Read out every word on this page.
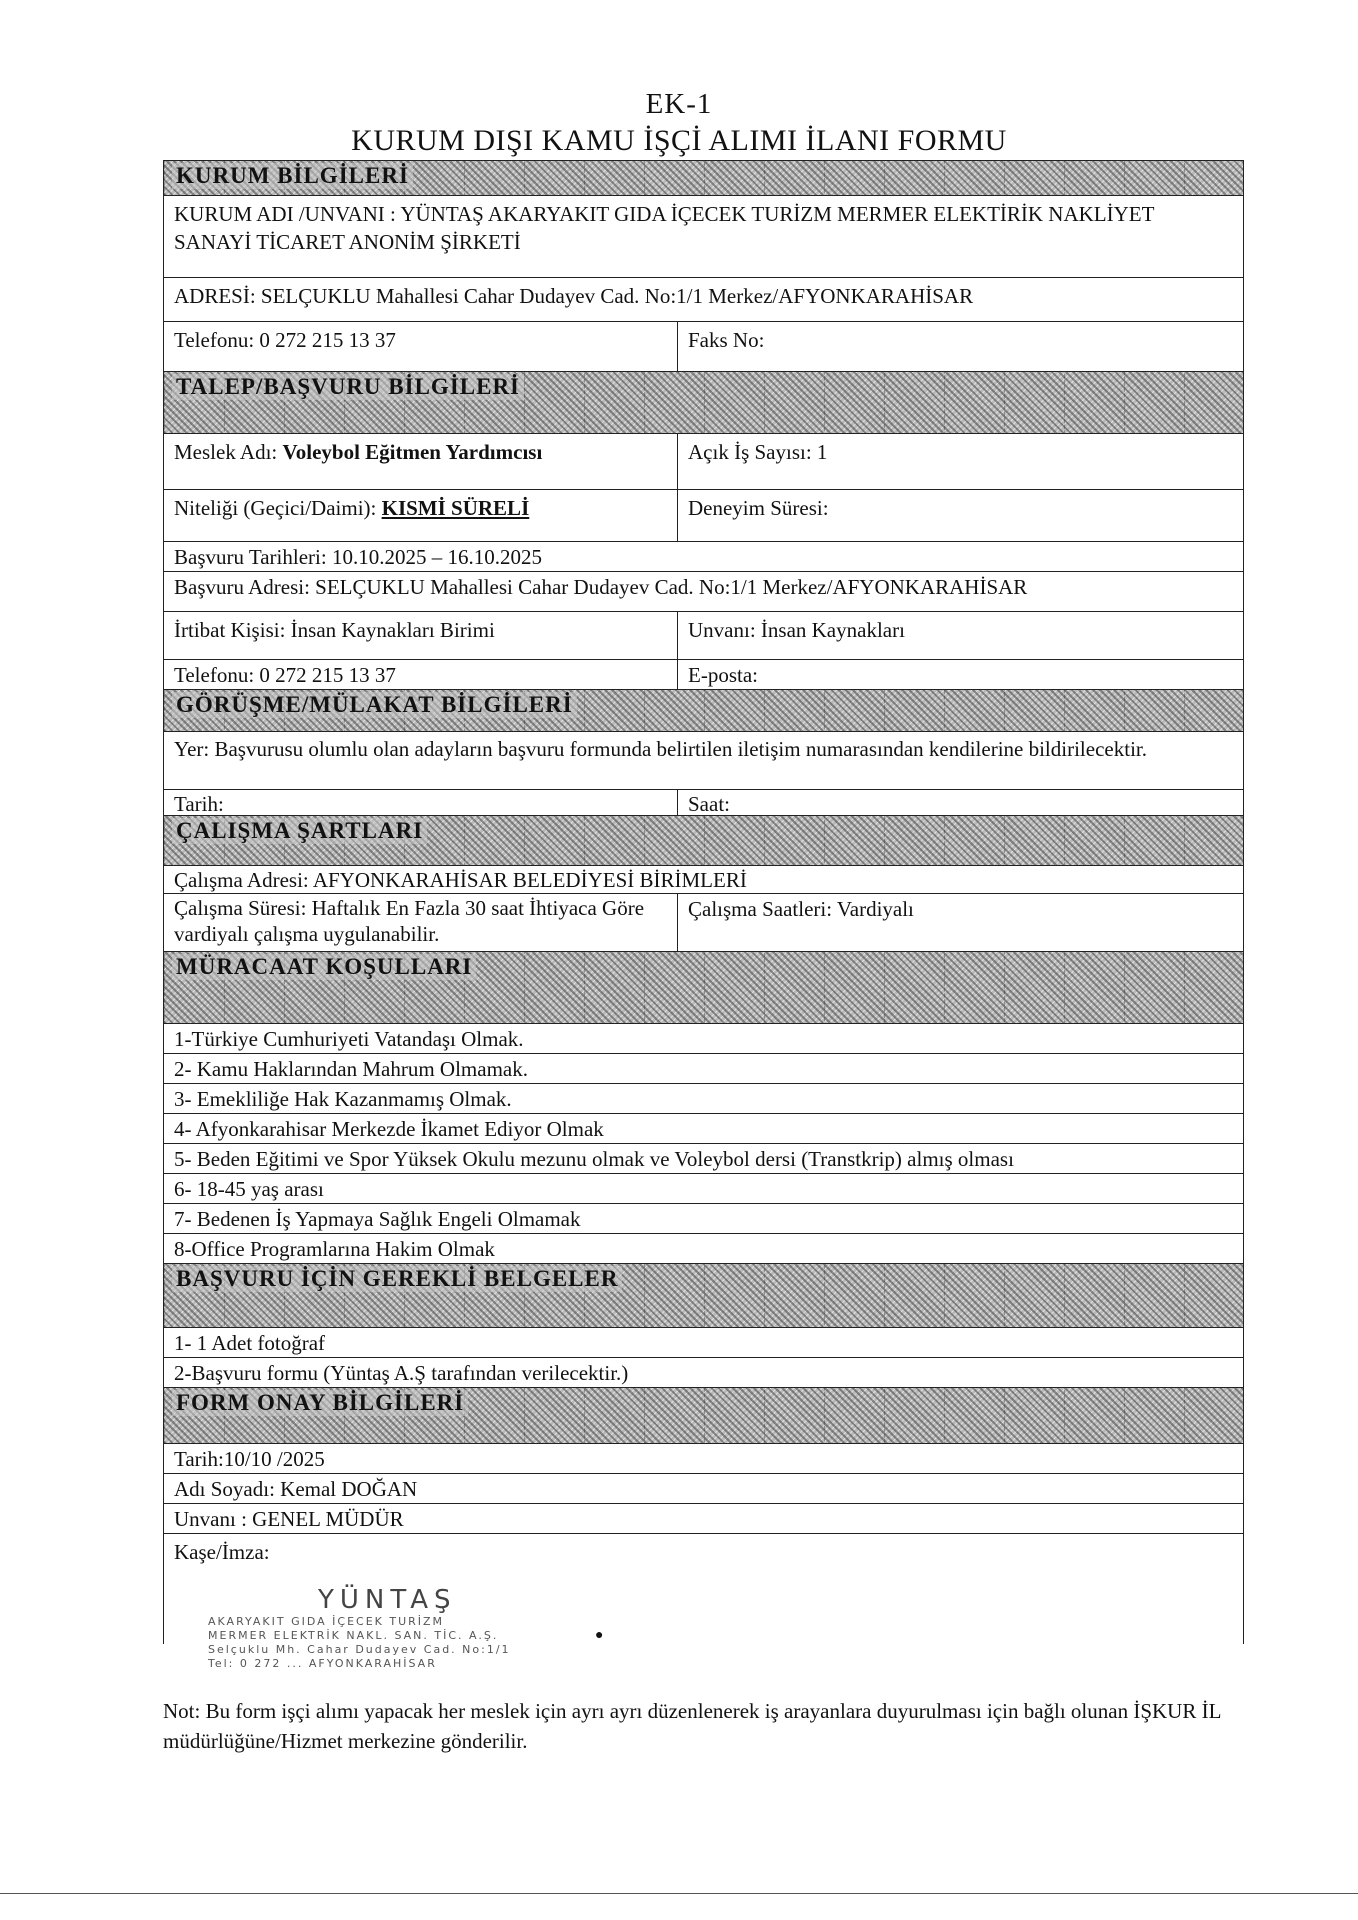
EK-1
KURUM DIŞI KAMU İŞÇİ ALIMI İLANI FORMU
KURUM BİLGİLERİ
KURUM ADI /UNVANI : YÜNTAŞ AKARYAKIT GIDA İÇECEK TURİZM MERMER ELEKTİRİK NAKLİYET SANAYİ TİCARET ANONİM ŞİRKETİ
ADRESİ: SELÇUKLU Mahallesi Cahar Dudayev Cad. No:1/1 Merkez/AFYONKARAHİSAR
Telefonu: 0 272 215 13 37	Faks No:
TALEP/BAŞVURU BİLGİLERİ
Meslek Adı: Voleybol Eğitmen Yardımcısı	Açık İş Sayısı: 1
Niteliği (Geçici/Daimi): KISMİ SÜRELİ	Deneyim Süresi:
Başvuru Tarihleri: 10.10.2025 – 16.10.2025
Başvuru Adresi: SELÇUKLU Mahallesi Cahar Dudayev Cad. No:1/1 Merkez/AFYONKARAHİSAR
İrtibat Kişisi: İnsan Kaynakları Birimi	Unvanı: İnsan Kaynakları
Telefonu: 0 272 215 13 37	E-posta:
GÖRÜŞME/MÜLAKAT BİLGİLERİ
Yer: Başvurusu olumlu olan adayların başvuru formunda belirtilen iletişim numarasından kendilerine bildirilecektir.
Tarih:	Saat:
ÇALIŞMA ŞARTLARI
Çalışma Adresi: AFYONKARAHİSAR BELEDİYESİ BİRİMLERİ
Çalışma Süresi: Haftalık En Fazla 30 saat İhtiyaca Göre vardiyalı çalışma uygulanabilir.
Çalışma Saatleri: Vardiyalı
MÜRACAAT KOŞULLARI
1-Türkiye Cumhuriyeti Vatandaşı Olmak.
2- Kamu Haklarından Mahrum Olmamak.
3- Emekliliğe Hak Kazanmamış Olmak.
4- Afyonkarahisar Merkezde İkamet Ediyor Olmak
5- Beden Eğitimi ve Spor Yüksek Okulu mezunu olmak ve Voleybol dersi (Transtkrip) almış olması
6- 18-45 yaş arası
7- Bedenen İş Yapmaya Sağlık Engeli Olmamak
8-Office Programlarına Hakim Olmak
BAŞVURU İÇİN GEREKLİ BELGELER
1- 1 Adet fotoğraf
2-Başvuru formu (Yüntaş A.Ş tarafından verilecektir.)
FORM ONAY BİLGİLERİ
Tarih:10/10 /2025
Adı Soyadı: Kemal DOĞAN
Unvanı : GENEL MÜDÜR
Kaşe/İmza:
YÜNTAŞ
AKARYAKIT GIDA İÇECEK TURİZM
MERMER ELEKTRİK NAKL. SAN. TİC. A.Ş.
Selçuklu Mh. Cahar Dudayev Cad. No:1/1
Tel: 0 272 ... AFYONKARAHİSAR
●
Not: Bu form işçi alımı yapacak her meslek için ayrı ayrı düzenlenerek iş arayanlara duyurulması için bağlı olunan İŞKUR İL müdürlüğüne/Hizmet merkezine gönderilir.
